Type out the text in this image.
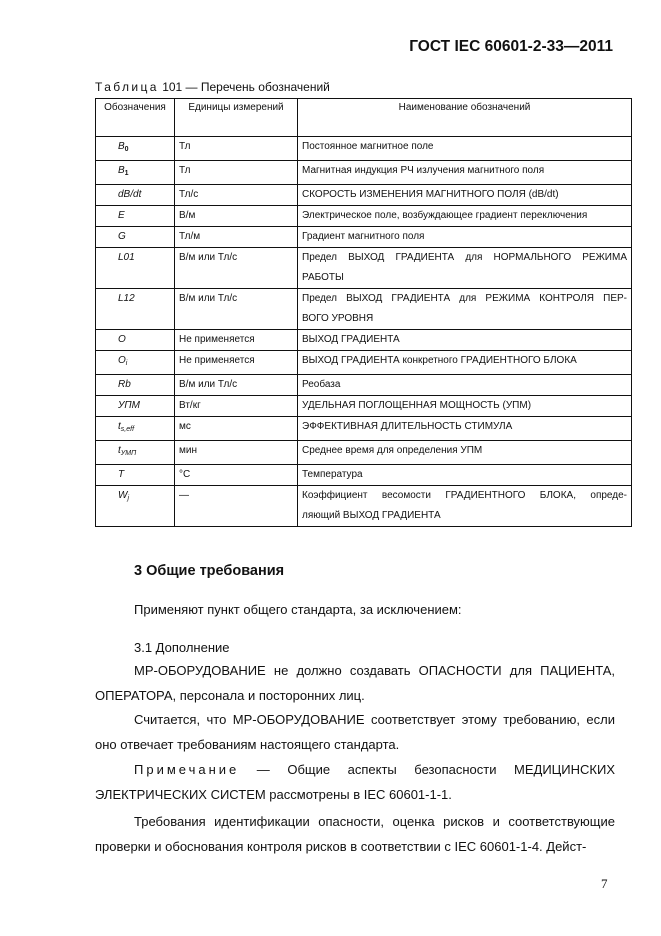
ГОСТ IEC 60601-2-33—2011
Таблица 101 — Перечень обозначений
Обозначения	Единицы измерений	Наименование обозначений
$B_0$	Тл	Постоянное магнитное поле

$B_1$	Тл	Магнитная индукция РЧ излучения магнитного поля

dB/dt	Тл/с	СКОРОСТЬ ИЗМЕНЕНИЯ МАГНИТНОГО ПОЛЯ (dB/dt)

E	В/м	Электрическое поле, возбуждающее градиент переключения

G	Тл/м	Градиент магнитного поля

L01	В/м или Тл/с	Предел ВЫХОД ГРАДИЕНТА для НОРМАЛЬНОГО РЕЖИМА
РАБОТЫ

L12	В/м или Тл/с	Предел ВЫХОД ГРАДИЕНТА для РЕЖИМА КОНТРОЛЯ ПЕР-
ВОГО УРОВНЯ

O	Не применяется	ВЫХОД ГРАДИЕНТА

$O_i$	Не применяется	ВЫХОД ГРАДИЕНТА конкретного ГРАДИЕНТНОГО БЛОКА

Rb	В/м или Тл/с	Реобаза

УПМ	Вт/кг	УДЕЛЬНАЯ ПОГЛОЩЕННАЯ МОЩНОСТЬ (УПМ)

$t_{s,eff}$	мс	ЭФФЕКТИВНАЯ ДЛИТЕЛЬНОСТЬ СТИМУЛА

$t_{УМП}$	мин	Среднее время для определения УПМ

T	°C	Температура

$W_j$	—	Коэффициент весомости ГРАДИЕНТНОГО БЛОКА, опреде-
ляющий ВЫХОД ГРАДИЕНТА
3 Общие требования

Применяют пункт общего стандарта, за исключением:

3.1 Дополнение

МР-ОБОРУДОВАНИЕ не должно создавать ОПАСНОСТИ для ПАЦИЕНТА, ОПЕРАТОРА, персонала и посторонних лиц.

Считается, что МР-ОБОРУДОВАНИЕ соответствует этому требованию, если оно отвечает требованиям настоящего стандарта.

Примечание — Общие аспекты безопасности МЕДИЦИНСКИХ ЭЛЕКТРИЧЕСКИХ СИСТЕМ рассмотрены в IEC 60601-1-1.

Требования идентификации опасности, оценка рисков и соответствующие проверки и обоснования контроля рисков в соответствии с IEC 60601-1-4. Дейст-

7
